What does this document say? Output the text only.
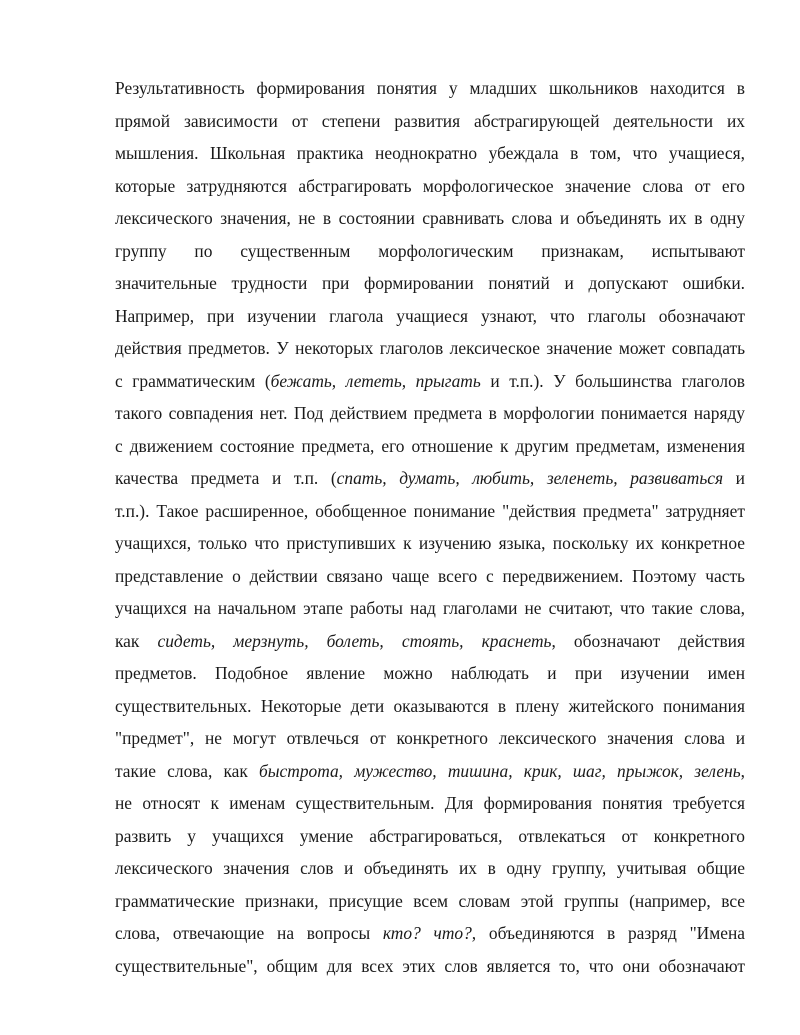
Результативность формирования понятия у младших школьников находится в
прямой зависимости от степени развития абстрагирующей деятельности их
мышления. Школьная практика неоднократно убеждала в том, что учащиеся,
которые затрудняются абстрагировать морфологическое значение слова от его
лексического значения, не в состоянии сравнивать слова и объединять их в одну
группу по существенным морфологическим признакам, испытывают
значительные трудности при формировании понятий и допускают ошибки.
Например, при изучении глагола учащиеся узнают, что глаголы обозначают
действия предметов. У некоторых глаголов лексическое значение может совпадать
с грамматическим (бежать, лететь, прыгать и т.п.). У большинства глаголов
такого совпадения нет. Под действием предмета в морфологии понимается наряду
с движением состояние предмета, его отношение к другим предметам, изменения
качества предмета и т.п. (спать, думать, любить, зеленеть, развиваться и
т.п.). Такое расширенное, обобщенное понимание "действия предмета" затрудняет
учащихся, только что приступивших к изучению языка, поскольку их конкретное
представление о действии связано чаще всего с передвижением. Поэтому часть
учащихся на начальном этапе работы над глаголами не считают, что такие слова,
как сидеть, мерзнуть, болеть, стоять, краснеть, обозначают действия
предметов. Подобное явление можно наблюдать и при изучении имен
существительных. Некоторые дети оказываются в плену житейского понимания
"предмет", не могут отвлечься от конкретного лексического значения слова и
такие слова, как быстрота, мужество, тишина, крик, шаг, прыжок, зелень,
не относят к именам существительным. Для формирования понятия требуется
развить у учащихся умение абстрагироваться, отвлекаться от конкретного
лексического значения слов и объединять их в одну группу, учитывая общие
грамматические признаки, присущие всем словам этой группы (например, все
слова, отвечающие на вопросы кто? что?, объединяются в разряд "Имена
существительные", общим для всех этих слов является то, что они обозначают
